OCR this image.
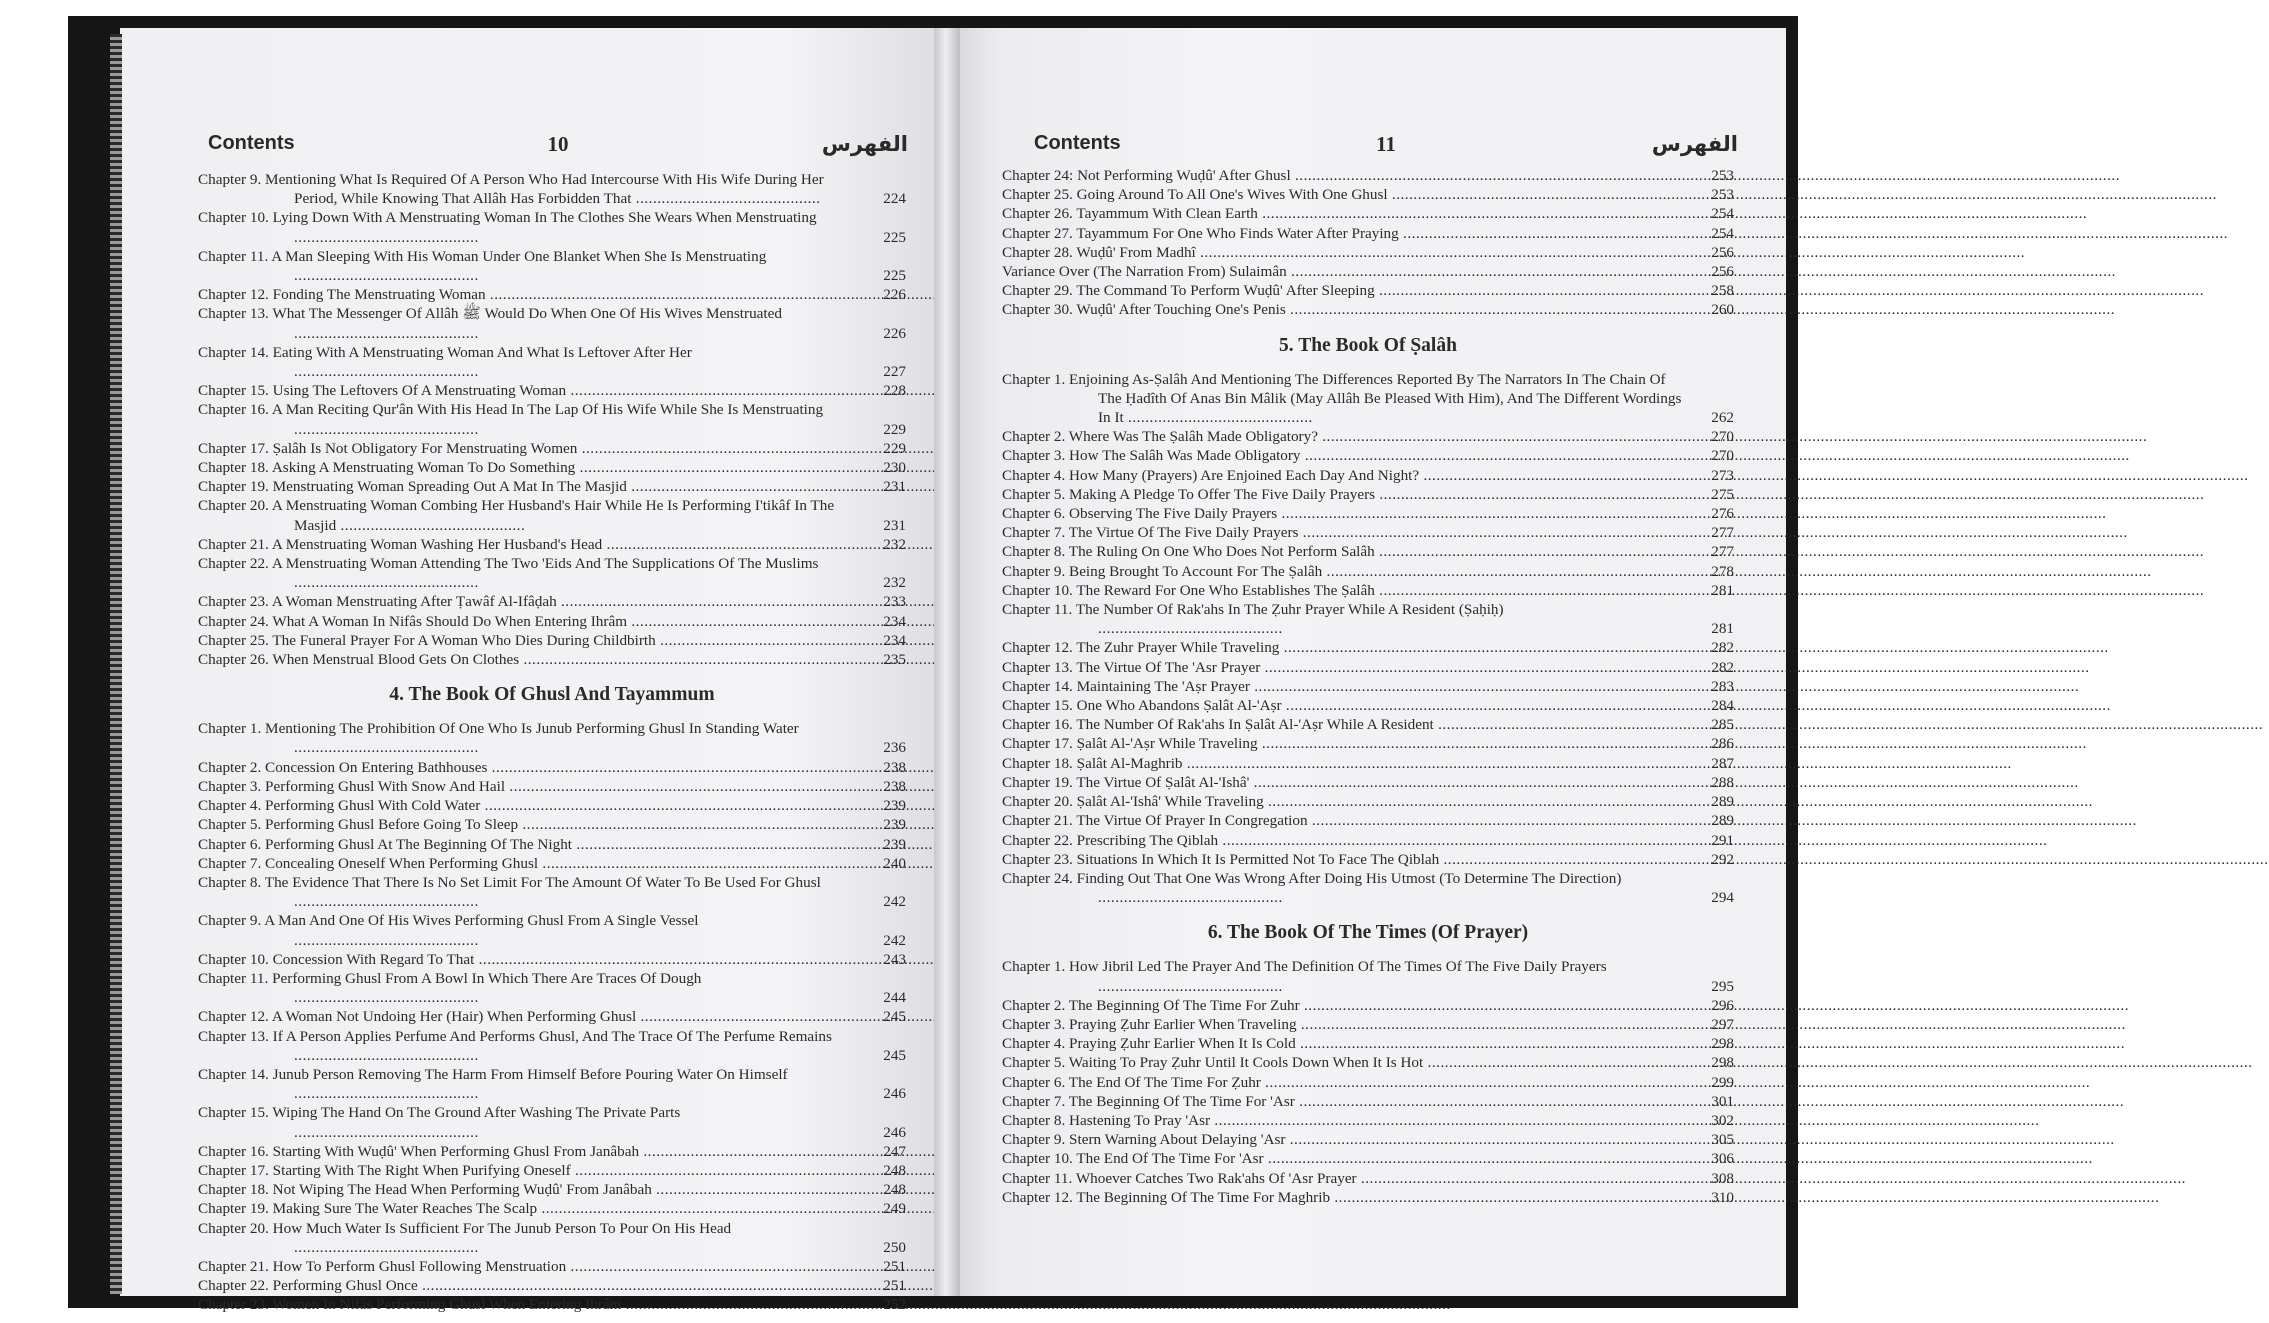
Contents	10	الفهرس
Chapter 9. Mentioning What Is Required Of A Person Who Had Intercourse With His Wife During Her Period, While Knowing That Allâh Has Forbidden That .....	224
Chapter 10. Lying Down With A Menstruating Woman In The Clothes She Wears When Menstruating .....
225
Chapter 11. A Man Sleeping With His Woman Under One Blanket When She Is Menstruating .....
225
Chapter 12. Fonding The Menstruating Woman .....	226
Chapter 13. What The Messenger Of Allâh ﷺ Would Do When One Of His Wives Menstruated .....
226
Chapter 14. Eating With A Menstruating Woman And What Is Leftover After Her .....
227
Chapter 15. Using The Leftovers Of A Menstruating Woman .....	228
Chapter 16. A Man Reciting Qur'ân With His Head In The Lap Of His Wife While She Is Menstruating .....
229
Chapter 17. Ṣalâh Is Not Obligatory For Menstruating Women .....	229
Chapter 18. Asking A Menstruating Woman To Do Something .....	230
Chapter 19. Menstruating Woman Spreading Out A Mat In The Masjid .....	231
Chapter 20. A Menstruating Woman Combing Her Husband's Hair While He Is Performing I'tikâf In The Masjid .....	231
Chapter 21. A Menstruating Woman Washing Her Husband's Head .....	232
Chapter 22. A Menstruating Woman Attending The Two 'Eids And The Supplications Of The Muslims .....
232
Chapter 23. A Woman Menstruating After Ṭawâf Al-Ifâḍah .....	233
Chapter 24. What A Woman In Nifâs Should Do When Entering Ihrâm .....	234
Chapter 25. The Funeral Prayer For A Woman Who Dies During Childbirth .....	234
Chapter 26. When Menstrual Blood Gets On Clothes .....	235
4. The Book Of Ghusl And Tayammum
Chapter 1. Mentioning The Prohibition Of One Who Is Junub Performing Ghusl In Standing Water .....
236
Chapter 2. Concession On Entering Bathhouses .....	238
Chapter 3. Performing Ghusl With Snow And Hail .....	238
Chapter 4. Performing Ghusl With Cold Water .....	239
Chapter 5. Performing Ghusl Before Going To Sleep .....	239
Chapter 6. Performing Ghusl At The Beginning Of The Night .....	239
Chapter 7. Concealing Oneself When Performing Ghusl .....	240
Chapter 8. The Evidence That There Is No Set Limit For The Amount Of Water To Be Used For Ghusl .....
242
Chapter 9. A Man And One Of His Wives Performing Ghusl From A Single Vessel .....
242
Chapter 10. Concession With Regard To That .....	243
Chapter 11. Performing Ghusl From A Bowl In Which There Are Traces Of Dough .....
244
Chapter 12. A Woman Not Undoing Her (Hair) When Performing Ghusl .....	245
Chapter 13. If A Person Applies Perfume And Performs Ghusl, And The Trace Of The Perfume Remains .....
245
Chapter 14. Junub Person Removing The Harm From Himself Before Pouring Water On Himself .....
246
Chapter 15. Wiping The Hand On The Ground After Washing The Private Parts .....
246
Chapter 16. Starting With Wuḍû' When Performing Ghusl From Janâbah .....	247
Chapter 17. Starting With The Right When Purifying Oneself .....	248
Chapter 18. Not Wiping The Head When Performing Wuḍû' From Janâbah .....	248
Chapter 19. Making Sure The Water Reaches The Scalp .....	249
Chapter 20. How Much Water Is Sufficient For The Junub Person To Pour On His Head .....
250
Chapter 21. How To Perform Ghusl Following Menstruation .....	251
Chapter 22. Performing Ghusl Once .....	251
Chapter 23. Women In Nifâs Performing Ghusl When Entering Ihrâm .....	252
Contents	11	الفهرس
Chapter 24: Not Performing Wuḍû' After Ghusl .....	253
Chapter 25. Going Around To All One's Wives With One Ghusl .....	253
Chapter 26. Tayammum With Clean Earth .....	254
Chapter 27. Tayammum For One Who Finds Water After Praying .....	254
Chapter 28. Wuḍû' From Madhî .....	256
Variance Over (The Narration From) Sulaimân .....	256
Chapter 29. The Command To Perform Wuḍû' After Sleeping .....	258
Chapter 30. Wuḍû' After Touching One's Penis .....	260
5. The Book Of Ṣalâh
Chapter 1. Enjoining As-Ṣalâh And Mentioning The Differences Reported By The Narrators In The Chain Of The Ḥadîth Of Anas Bin Mâlik (May Allâh Be Pleased With Him), And The Different Wordings In It .....	262
Chapter 2. Where Was The Ṣalâh Made Obligatory? .....	270
Chapter 3. How The Salâh Was Made Obligatory .....	270
Chapter 4. How Many (Prayers) Are Enjoined Each Day And Night? .....	273
Chapter 5. Making A Pledge To Offer The Five Daily Prayers .....	275
Chapter 6. Observing The Five Daily Prayers .....	276
Chapter 7. The Virtue Of The Five Daily Prayers .....	277
Chapter 8. The Ruling On One Who Does Not Perform Salâh .....	277
Chapter 9. Being Brought To Account For The Ṣalâh .....	278
Chapter 10. The Reward For One Who Establishes The Ṣalâh .....	281
Chapter 11. The Number Of Rak'ahs In The Ẓuhr Prayer While A Resident (Ṣaḥiḥ) .....
281
Chapter 12. The Zuhr Prayer While Traveling .....	282
Chapter 13. The Virtue Of The 'Asr Prayer .....	282
Chapter 14. Maintaining The 'Aṣr Prayer .....	283
Chapter 15. One Who Abandons Ṣalât Al-'Aṣr .....	284
Chapter 16. The Number Of Rak'ahs In Ṣalât Al-'Aṣr While A Resident .....	285
Chapter 17. Ṣalât Al-'Aṣr While Traveling .....	286
Chapter 18. Ṣalât Al-Maghrib .....	287
Chapter 19. The Virtue Of Ṣalât Al-'Ishâ' .....	288
Chapter 20. Ṣalât Al-'Ishâ' While Traveling .....	289
Chapter 21. The Virtue Of Prayer In Congregation .....	289
Chapter 22. Prescribing The Qiblah .....	291
Chapter 23. Situations In Which It Is Permitted Not To Face The Qiblah .....	292
Chapter 24. Finding Out That One Was Wrong After Doing His Utmost (To Determine The Direction) .....
294
6. The Book Of The Times (Of Prayer)
Chapter 1. How Jibril Led The Prayer And The Definition Of The Times Of The Five Daily Prayers .....
295
Chapter 2. The Beginning Of The Time For Zuhr .....	296
Chapter 3. Praying Ẓuhr Earlier When Traveling .....	297
Chapter 4. Praying Ẓuhr Earlier When It Is Cold .....	298
Chapter 5. Waiting To Pray Ẓuhr Until It Cools Down When It Is Hot .....	298
Chapter 6. The End Of The Time For Ẓuhr .....	299
Chapter 7. The Beginning Of The Time For 'Asr .....	301
Chapter 8. Hastening To Pray 'Asr .....	302
Chapter 9. Stern Warning About Delaying 'Asr .....	305
Chapter 10. The End Of The Time For 'Asr .....	306
Chapter 11. Whoever Catches Two Rak'ahs Of 'Asr Prayer .....	308
Chapter 12. The Beginning Of The Time For Maghrib .....	310
